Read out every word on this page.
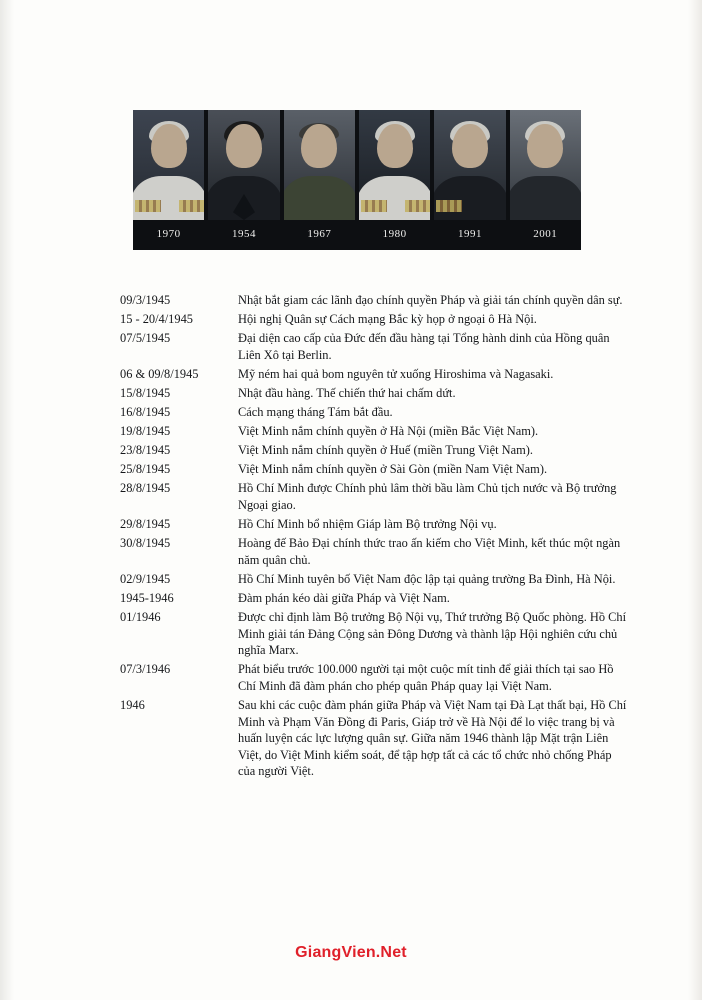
1970	1954	1967	1980	1991	2001
09/3/1945	Nhật bắt giam các lãnh đạo chính quyền Pháp và giải tán chính quyền dân sự.
15 - 20/4/1945	Hội nghị Quân sự Cách mạng Bắc kỳ họp ở ngoại ô Hà Nội.
07/5/1945	Đại diện cao cấp của Đức đến đầu hàng tại Tổng hành dinh của Hồng quân Liên Xô tại Berlin.
06 & 09/8/1945	Mỹ ném hai quả bom nguyên tử xuống Hiroshima và Nagasaki.
15/8/1945	Nhật đầu hàng. Thế chiến thứ hai chấm dứt.
16/8/1945	Cách mạng tháng Tám bắt đầu.
19/8/1945	Việt Minh nắm chính quyền ở Hà Nội (miền Bắc Việt Nam).
23/8/1945	Việt Minh nắm chính quyền ở Huế (miền Trung Việt Nam).
25/8/1945	Việt Minh nắm chính quyền ở Sài Gòn (miền Nam Việt Nam).
28/8/1945	Hồ Chí Minh được Chính phủ lâm thời bầu làm Chủ tịch nước và Bộ trưởng Ngoại giao.
29/8/1945	Hồ Chí Minh bổ nhiệm Giáp làm Bộ trưởng Nội vụ.
30/8/1945	Hoàng đế Bảo Đại chính thức trao ấn kiếm cho Việt Minh, kết thúc một ngàn năm quân chủ.
02/9/1945	Hồ Chí Minh tuyên bố Việt Nam độc lập tại quảng trường Ba Đình, Hà Nội.
1945-1946	Đàm phán kéo dài giữa Pháp và Việt Nam.
01/1946	Được chỉ định làm Bộ trưởng Bộ Nội vụ, Thứ trưởng Bộ Quốc phòng. Hồ Chí Minh giải tán Đảng Cộng sản Đông Dương và thành lập Hội nghiên cứu chủ nghĩa Marx.
07/3/1946	Phát biểu trước 100.000 người tại một cuộc mít tinh để giải thích tại sao Hồ Chí Minh đã đàm phán cho phép quân Pháp quay lại Việt Nam.
1946	Sau khi các cuộc đàm phán giữa Pháp và Việt Nam tại Đà Lạt thất bại, Hồ Chí Minh và Phạm Văn Đồng đi Paris, Giáp trở về Hà Nội để lo việc trang bị và huấn luyện các lực lượng quân sự. Giữa năm 1946 thành lập Mặt trận Liên Việt, do Việt Minh kiểm soát, để tập hợp tất cả các tổ chức nhỏ chống Pháp của người Việt.
GiangVien.Net
